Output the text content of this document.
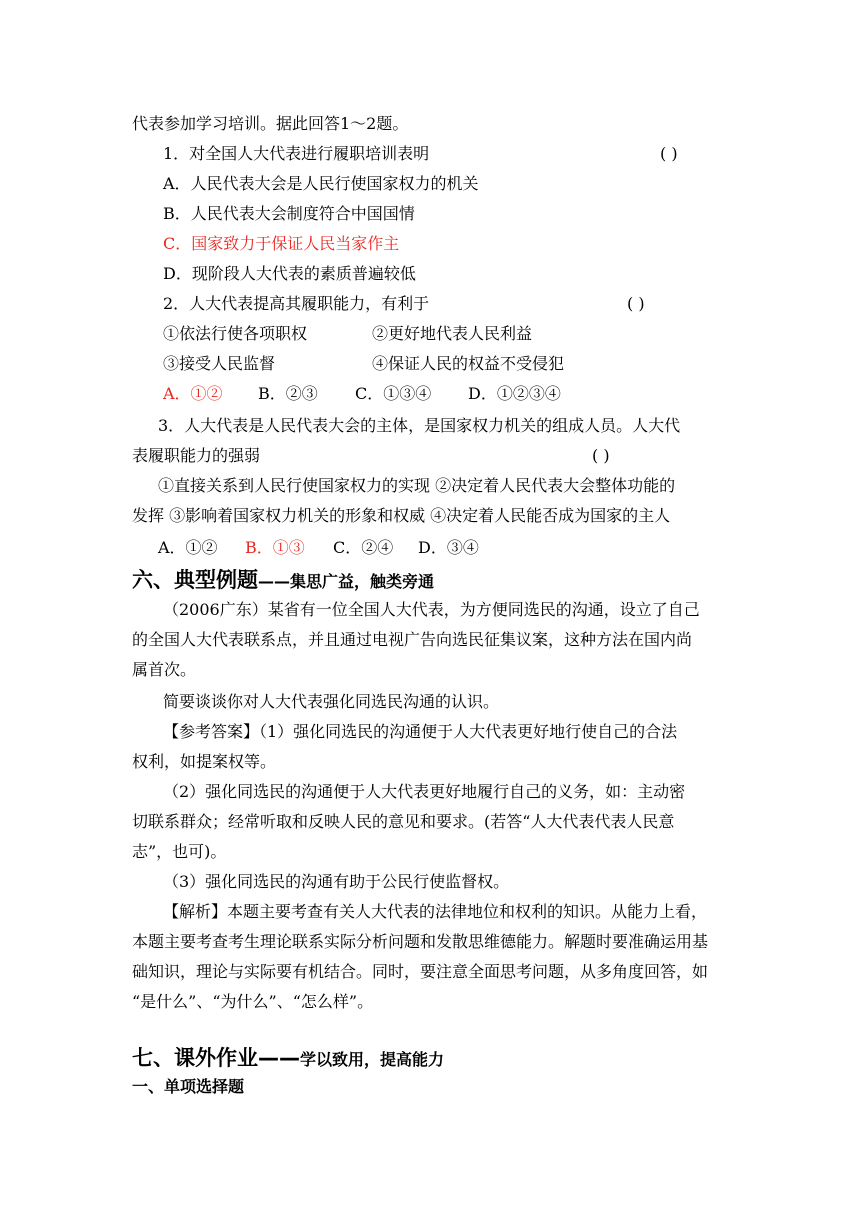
代表参加学习培训。据此回答1～2题。
1．对全国人大代表进行履职培训表明	( )
A．人民代表大会是人民行使国家权力的机关
B．人民代表大会制度符合中国国情
C．国家致力于保证人民当家作主
D．现阶段人大代表的素质普遍较低
2．人大代表提高其履职能力，有利于	( )
①依法行使各项职权	②更好地代表人民利益
③接受人民监督	④保证人民的权益不受侵犯
A．①② B．②③ C．①③④ D．①②③④
3．人大代表是人民代表大会的主体，是国家权力机关的组成人员。人大代
表履职能力的强弱	( )
①直接关系到人民行使国家权力的实现 ②决定着人民代表大会整体功能的
发挥 ③影响着国家权力机关的形象和权威 ④决定着人民能否成为国家的主人
A．①② B．①③ C．②④ D．③④
六、典型例题——集思广益，触类旁通
（2006广东）某省有一位全国人大代表，为方便同选民的沟通，设立了自己
的全国人大代表联系点，并且通过电视广告向选民征集议案，这种方法在国内尚
属首次。
简要谈谈你对人大代表强化同选民沟通的认识。
【参考答案】（1）强化同选民的沟通便于人大代表更好地行使自己的合法
权利，如提案权等。
（2）强化同选民的沟通便于人大代表更好地履行自己的义务，如：主动密
切联系群众；经常听取和反映人民的意见和要求。(若答“人大代表代表人民意
志”，也可)。
（3）强化同选民的沟通有助于公民行使监督权。
【解析】本题主要考查有关人大代表的法律地位和权利的知识。从能力上看，
本题主要考查考生理论联系实际分析问题和发散思维德能力。解题时要准确运用基
础知识，理论与实际要有机结合。同时，要注意全面思考问题，从多角度回答，如
“是什么”、“为什么”、“怎么样”。
七、课外作业——学以致用，提高能力
一、单项选择题
